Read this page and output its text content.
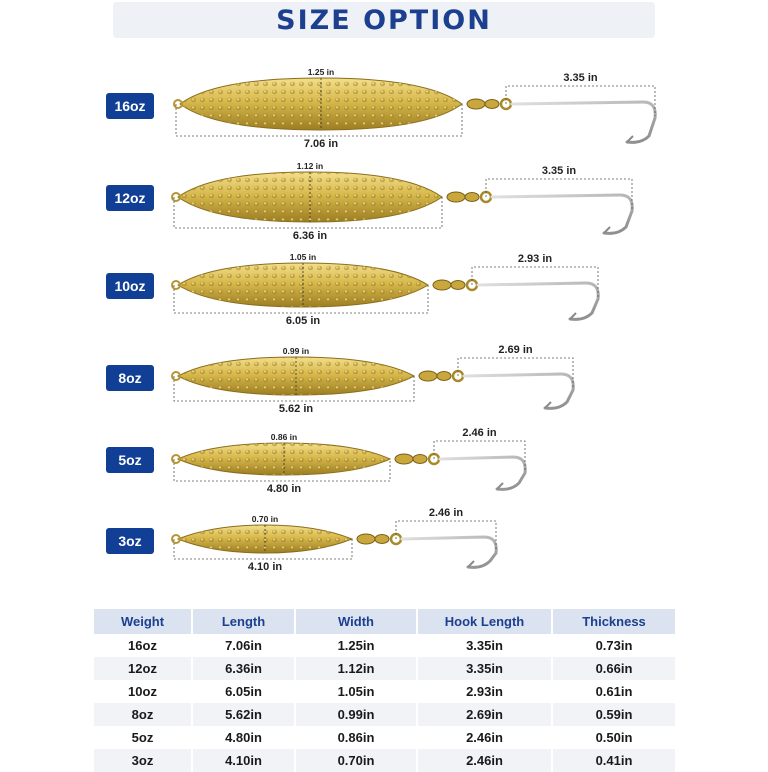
SIZE OPTION
Weight	Length	Width	Hook Length	Thickness
16oz	7.06in	1.25in	3.35in	0.73in
12oz	6.36in	1.12in	3.35in	0.66in
10oz	6.05in	1.05in	2.93in	0.61in
8oz	5.62in	0.99in	2.69in	0.59in
5oz	4.80in	0.86in	2.46in	0.50in
3oz	4.10in	0.70in	2.46in	0.41in
16oz
1.25 in
7.06 in
3.35 in
12oz
1.12 in
6.36 in
3.35 in
10oz
1.05 in
6.05 in
2.93 in
8oz
0.99 in
5.62 in
2.69 in
5oz
0.86 in
4.80 in
2.46 in
3oz
0.70 in
4.10 in
2.46 in
